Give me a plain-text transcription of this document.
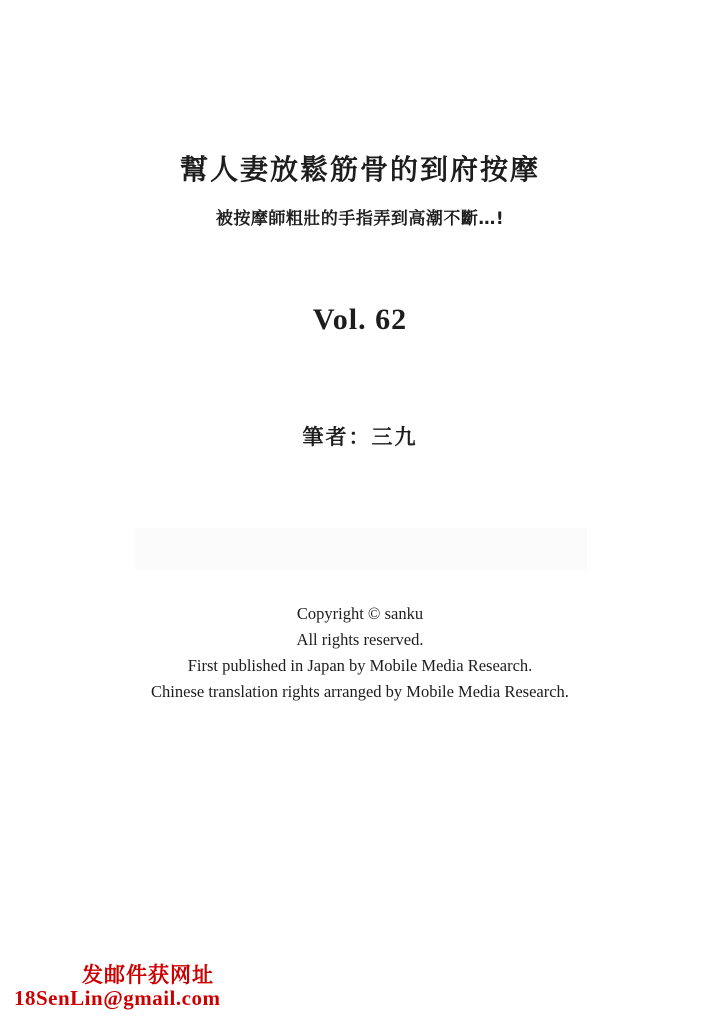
幫人妻放鬆筋骨的到府按摩
被按摩師粗壯的手指弄到高潮不斷…!
Vol. 62
筆者：三九
Copyright © sanku
All rights reserved.
First published in Japan by Mobile Media Research.
Chinese translation rights arranged by Mobile Media Research.
发邮件获网址
18SenLin@gmail.com
